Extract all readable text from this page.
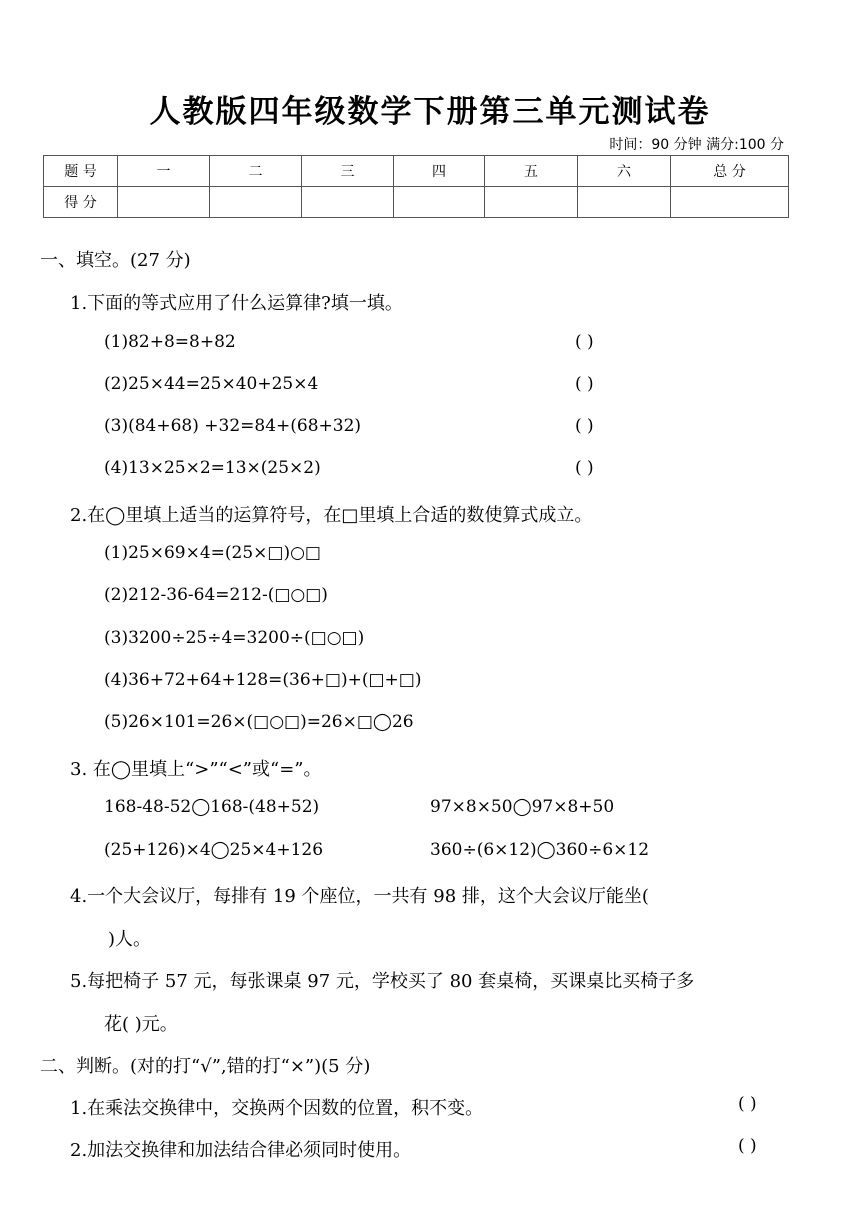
人教版四年级数学下册第三单元测试卷
时间：90 分钟 满分:100 分
题 号	一	二	三	四	五	六	总 分
得 分							
一、填空。(27 分)
1.下面的等式应用了什么运算律?填一填。
(1)82+8=8+82	( )
(2)25×44=25×40+25×4	( )
(3)(84+68) +32=84+(68+32)	( )
(4)13×25×2=13×(25×2)	( )
2.在◯里填上适当的运算符号，在□里填上合适的数使算式成立。
(1)25×69×4=(25×□)○□
(2)212-36-64=212-(□○□)
(3)3200÷25÷4=3200÷(□○□)
(4)36+72+64+128=(36+□)+(□+□)
(5)26×101=26×(□○□)=26×□◯26
3. 在◯里填上“>”“<”或“=”。
168-48-52◯168-(48+52)	97×8×50◯97×8+50
(25+126)×4◯25×4+126	360÷(6×12)◯360÷6×12
4.一个大会议厅，每排有 19 个座位，一共有 98 排，这个大会议厅能坐(
)人。
5.每把椅子 57 元，每张课桌 97 元，学校买了 80 套桌椅，买课桌比买椅子多
花( )元。
二、判断。(对的打“√”,错的打“×”)(5 分)
1.在乘法交换律中，交换两个因数的位置，积不变。	( )
2.加法交换律和加法结合律必须同时使用。	( )
